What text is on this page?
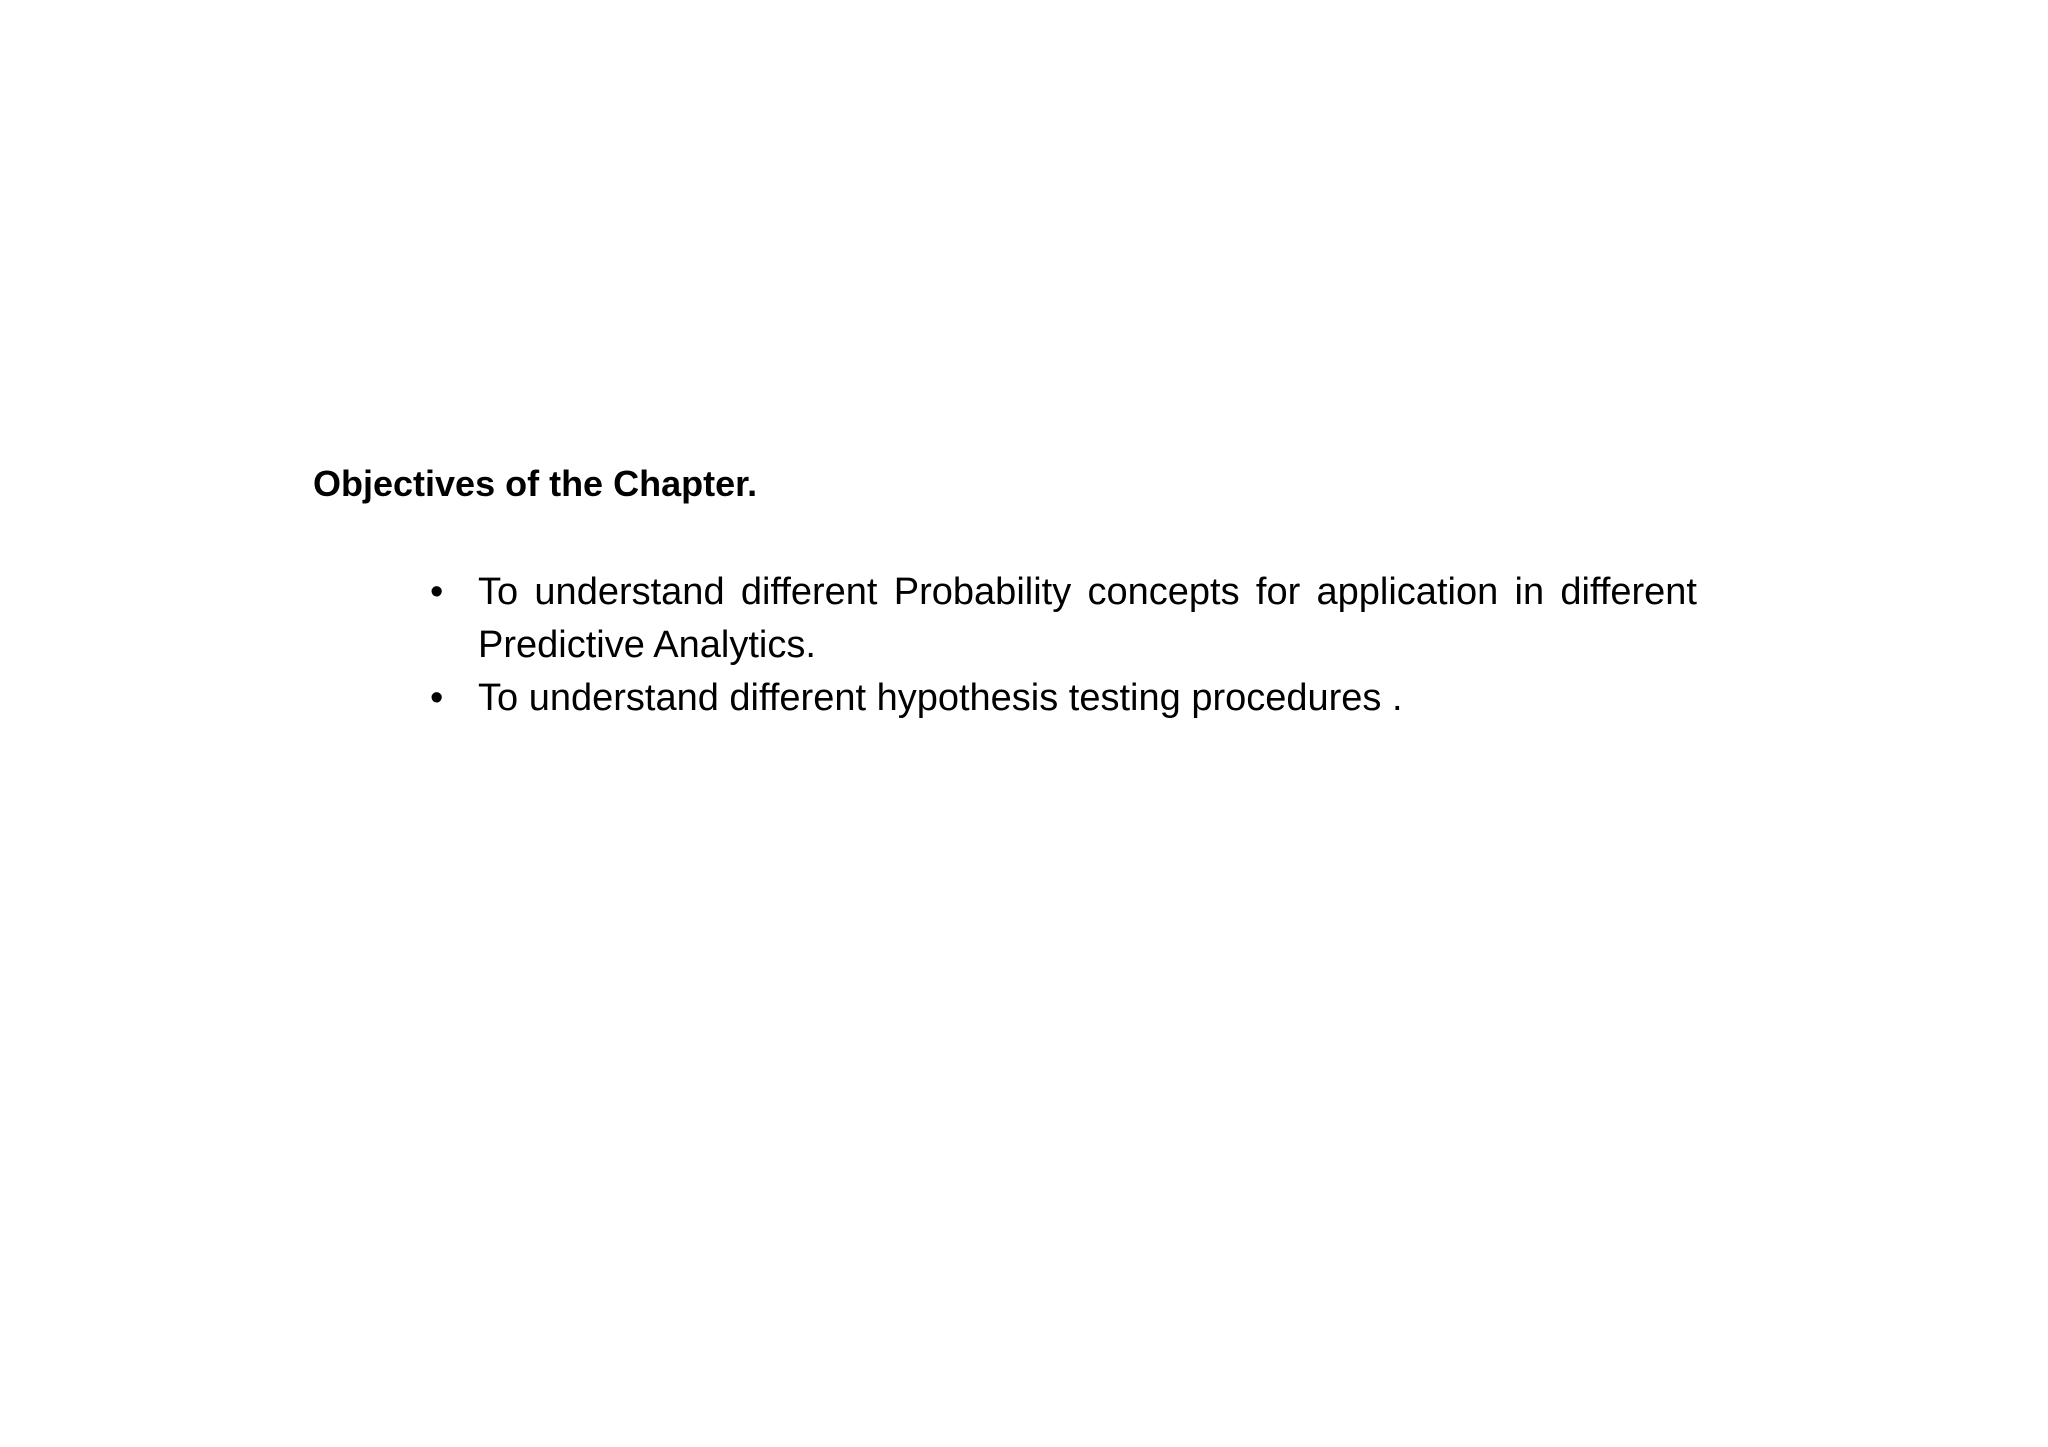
Objectives of the Chapter.
• To understand different Probability concepts for application in different Predictive Analytics.
• To understand different hypothesis testing procedures .
